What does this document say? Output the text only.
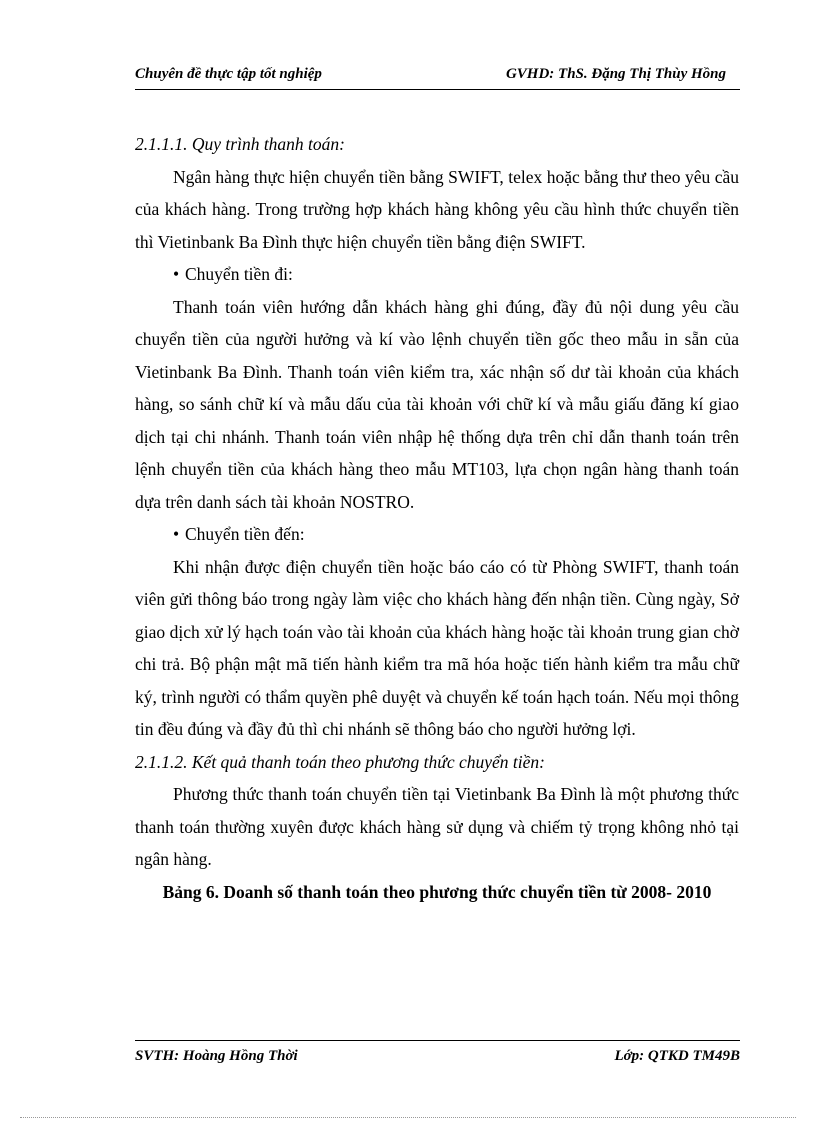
Chuyên đề thực tập tốt nghiệp	GVHD: ThS. Đặng Thị Thùy Hồng

2.1.1.1. Quy trình thanh toán:

Ngân hàng thực hiện chuyển tiền bằng SWIFT, telex hoặc bằng thư theo yêu cầu của khách hàng. Trong trường hợp khách hàng không yêu cầu hình thức chuyển tiền thì Vietinbank Ba Đình thực hiện chuyển tiền bằng điện SWIFT.

• Chuyển tiền đi:

Thanh toán viên hướng dẫn khách hàng ghi đúng, đầy đủ nội dung yêu cầu chuyển tiền của người hưởng và kí vào lệnh chuyển tiền gốc theo mẫu in sẵn của Vietinbank Ba Đình. Thanh toán viên kiểm tra, xác nhận số dư tài khoản của khách hàng, so sánh chữ kí và mẫu dấu của tài khoản với chữ kí và mẫu giấu đăng kí giao dịch tại chi nhánh. Thanh toán viên nhập hệ thống dựa trên chỉ dẫn thanh toán trên lệnh chuyển tiền của khách hàng theo mẫu MT103, lựa chọn ngân hàng thanh toán dựa trên danh sách tài khoản NOSTRO.

• Chuyển tiền đến:

Khi nhận được điện chuyển tiền hoặc báo cáo có từ Phòng SWIFT, thanh toán viên gửi thông báo trong ngày làm việc cho khách hàng đến nhận tiền. Cùng ngày, Sở giao dịch xử lý hạch toán vào tài khoản của khách hàng hoặc tài khoản trung gian chờ chi trả. Bộ phận mật mã tiến hành kiểm tra mã hóa hoặc tiến hành kiểm tra mẫu chữ ký, trình người có thẩm quyền phê duyệt và chuyển kế toán hạch toán. Nếu mọi thông tin đều đúng và đầy đủ thì chi nhánh sẽ thông báo cho người hưởng lợi.

2.1.1.2. Kết quả thanh toán theo phương thức chuyển tiền:

Phương thức thanh toán chuyển tiền tại Vietinbank Ba Đình là một phương thức thanh toán thường xuyên được khách hàng sử dụng và chiếm tỷ trọng không nhỏ tại ngân hàng.

Bảng 6. Doanh số thanh toán theo phương thức chuyển tiền từ 2008- 2010

SVTH: Hoàng Hồng Thời	Lớp: QTKD TM49B
